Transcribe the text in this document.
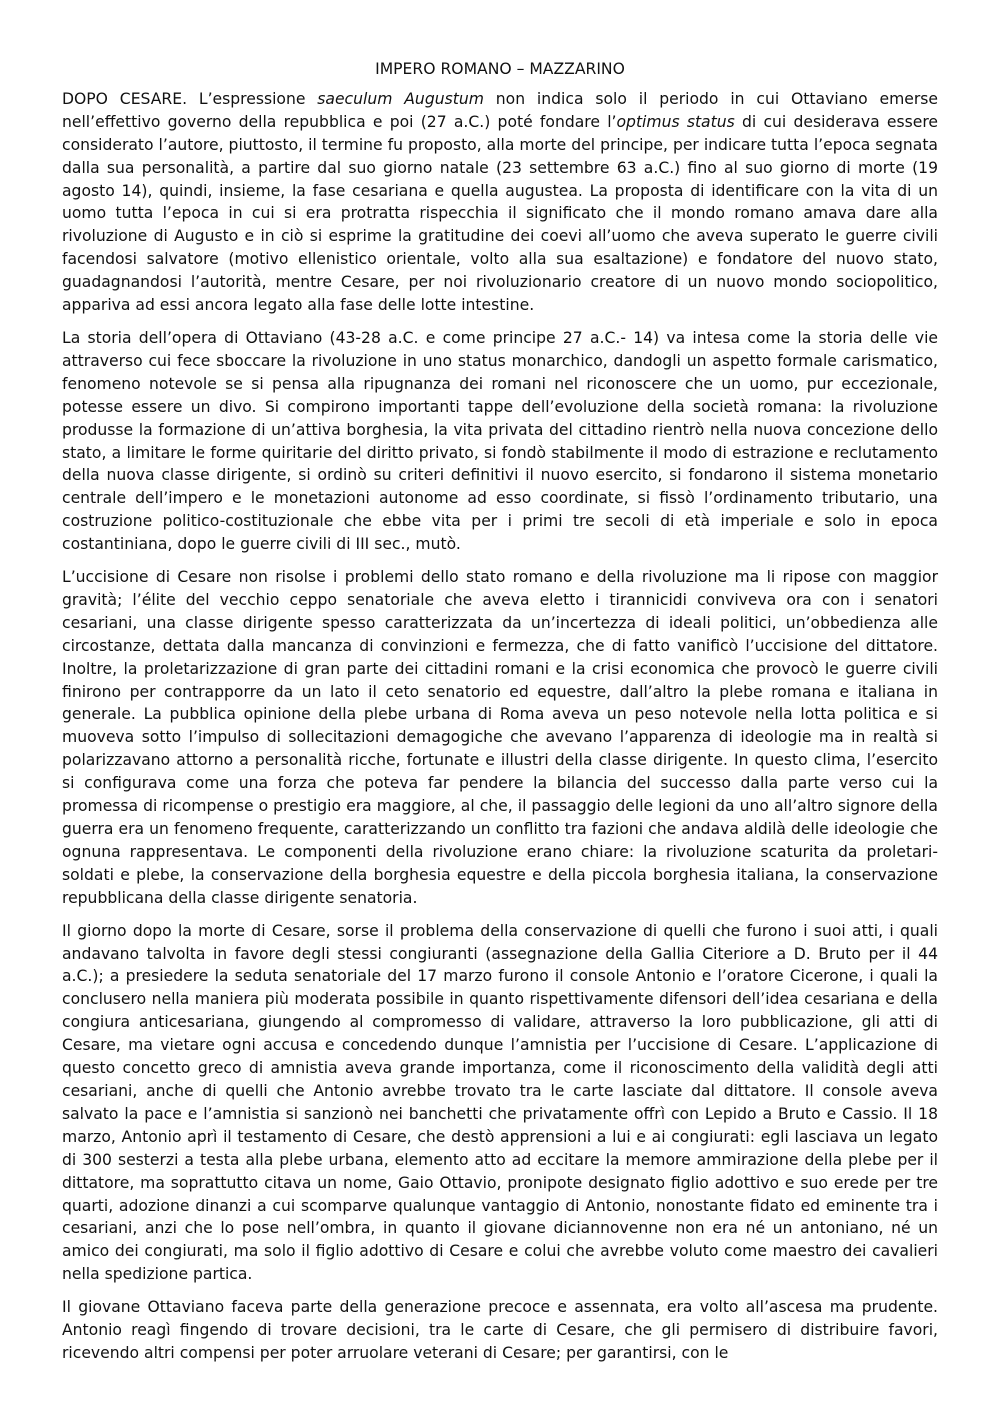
IMPERO ROMANO – MAZZARINO

DOPO CESARE. L’espressione saeculum Augustum non indica solo il periodo in cui Ottaviano emerse nell’effettivo governo della repubblica e poi (27 a.C.) poté fondare l’optimus status di cui desiderava essere considerato l’autore, piuttosto, il termine fu proposto, alla morte del principe, per indicare tutta l’epoca segnata dalla sua personalità, a partire dal suo giorno natale (23 settembre 63 a.C.) fino al suo giorno di morte (19 agosto 14), quindi, insieme, la fase cesariana e quella augustea. La proposta di identificare con la vita di un uomo tutta l’epoca in cui si era protratta rispecchia il significato che il mondo romano amava dare alla rivoluzione di Augusto e in ciò si esprime la gratitudine dei coevi all’uomo che aveva superato le guerre civili facendosi salvatore (motivo ellenistico orientale, volto alla sua esaltazione) e fondatore del nuovo stato, guadagnandosi l’autorità, mentre Cesare, per noi rivoluzionario creatore di un nuovo mondo sociopolitico, appariva ad essi ancora legato alla fase delle lotte intestine.

La storia dell’opera di Ottaviano (43-28 a.C. e come principe 27 a.C.- 14) va intesa come la storia delle vie attraverso cui fece sboccare la rivoluzione in uno status monarchico, dandogli un aspetto formale carismatico, fenomeno notevole se si pensa alla ripugnanza dei romani nel riconoscere che un uomo, pur eccezionale, potesse essere un divo. Si compirono importanti tappe dell’evoluzione della società romana: la rivoluzione produsse la formazione di un’attiva borghesia, la vita privata del cittadino rientrò nella nuova concezione dello stato, a limitare le forme quiritarie del diritto privato, si fondò stabilmente il modo di estrazione e reclutamento della nuova classe dirigente, si ordinò su criteri definitivi il nuovo esercito, si fondarono il sistema monetario centrale dell’impero e le monetazioni autonome ad esso coordinate, si fissò l’ordinamento tributario, una costruzione politico-costituzionale che ebbe vita per i primi tre secoli di età imperiale e solo in epoca costantiniana, dopo le guerre civili di III sec., mutò.

L’uccisione di Cesare non risolse i problemi dello stato romano e della rivoluzione ma li ripose con maggior gravità; l’élite del vecchio ceppo senatoriale che aveva eletto i tirannicidi conviveva ora con i senatori cesariani, una classe dirigente spesso caratterizzata da un’incertezza di ideali politici, un’obbedienza alle circostanze, dettata dalla mancanza di convinzioni e fermezza, che di fatto vanificò l’uccisione del dittatore. Inoltre, la proletarizzazione di gran parte dei cittadini romani e la crisi economica che provocò le guerre civili finirono per contrapporre da un lato il ceto senatorio ed equestre, dall’altro la plebe romana e italiana in generale. La pubblica opinione della plebe urbana di Roma aveva un peso notevole nella lotta politica e si muoveva sotto l’impulso di sollecitazioni demagogiche che avevano l’apparenza di ideologie ma in realtà si polarizzavano attorno a personalità ricche, fortunate e illustri della classe dirigente. In questo clima, l’esercito si configurava come una forza che poteva far pendere la bilancia del successo dalla parte verso cui la promessa di ricompense o prestigio era maggiore, al che, il passaggio delle legioni da uno all’altro signore della guerra era un fenomeno frequente, caratterizzando un conflitto tra fazioni che andava aldilà delle ideologie che ognuna rappresentava. Le componenti della rivoluzione erano chiare: la rivoluzione scaturita da proletari-soldati e plebe, la conservazione della borghesia equestre e della piccola borghesia italiana, la conservazione repubblicana della classe dirigente senatoria.

Il giorno dopo la morte di Cesare, sorse il problema della conservazione di quelli che furono i suoi atti, i quali andavano talvolta in favore degli stessi congiuranti (assegnazione della Gallia Citeriore a D. Bruto per il 44 a.C.); a presiedere la seduta senatoriale del 17 marzo furono il console Antonio e l’oratore Cicerone, i quali la conclusero nella maniera più moderata possibile in quanto rispettivamente difensori dell’idea cesariana e della congiura anticesariana, giungendo al compromesso di validare, attraverso la loro pubblicazione, gli atti di Cesare, ma vietare ogni accusa e concedendo dunque l’amnistia per l’uccisione di Cesare. L’applicazione di questo concetto greco di amnistia aveva grande importanza, come il riconoscimento della validità degli atti cesariani, anche di quelli che Antonio avrebbe trovato tra le carte lasciate dal dittatore. Il console aveva salvato la pace e l’amnistia si sanzionò nei banchetti che privatamente offrì con Lepido a Bruto e Cassio. Il 18 marzo, Antonio aprì il testamento di Cesare, che destò apprensioni a lui e ai congiurati: egli lasciava un legato di 300 sesterzi a testa alla plebe urbana, elemento atto ad eccitare la memore ammirazione della plebe per il dittatore, ma soprattutto citava un nome, Gaio Ottavio, pronipote designato figlio adottivo e suo erede per tre quarti, adozione dinanzi a cui scomparve qualunque vantaggio di Antonio, nonostante fidato ed eminente tra i cesariani, anzi che lo pose nell’ombra, in quanto il giovane diciannovenne non era né un antoniano, né un amico dei congiurati, ma solo il figlio adottivo di Cesare e colui che avrebbe voluto come maestro dei cavalieri nella spedizione partica.

Il giovane Ottaviano faceva parte della generazione precoce e assennata, era volto all’ascesa ma prudente. Antonio reagì fingendo di trovare decisioni, tra le carte di Cesare, che gli permisero di distribuire favori, ricevendo altri compensi per poter arruolare veterani di Cesare; per garantirsi, con le
